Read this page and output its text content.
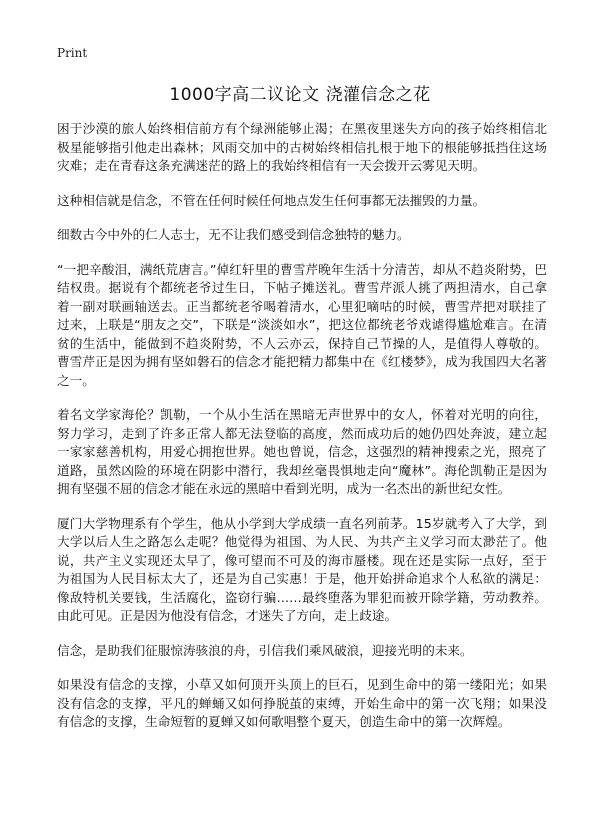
Print
1000字高二议论文 浇灌信念之花

困于沙漠的旅人始终相信前方有个绿洲能够止渴；在黑夜里迷失方向的孩子始终相信北极星能够指引他走出森林；风雨交加中的古树始终相信扎根于地下的根能够抵挡住这场灾难；走在青春这条充满迷茫的路上的我始终相信有一天会拨开云雾见天明。

这种相信就是信念，不管在任何时候任何地点发生任何事都无法摧毁的力量。

细数古今中外的仁人志士，无不让我们感受到信念独特的魅力。

“一把辛酸泪，满纸荒唐言。”倬红轩里的曹雪芹晚年生活十分清苦，却从不趋炎附势，巴结权贵。据说有个都统老爷过生日，下帖子摊送礼。曹雪芹派人挑了两担清水，自己拿着一副对联画轴送去。正当都统老爷喝着清水，心里犯嘀咕的时候，曹雪芹把对联挂了过来，上联是“朋友之交”，下联是“淡淡如水”，把这位都统老爷戏谑得尴尬难言。在清贫的生活中，能做到不趋炎附势，不人云亦云，保持自己节操的人，是值得人尊敬的。曹雪芹正是因为拥有坚如磐石的信念才能把精力都集中在《红楼梦》，成为我国四大名著之一。

着名文学家海伦？凯勒，一个从小生活在黑暗无声世界中的女人，怀着对光明的向往，努力学习，走到了许多正常人都无法登临的高度，然而成功后的她仍四处奔波，建立起一家家慈善机构，用爱心拥抱世界。她也曾说，信念，这强烈的精神搜索之光，照亮了道路，虽然凶险的环境在阴影中潜行，我却丝毫畏惧地走向“魔林”。海伦凯勒正是因为拥有坚强不屈的信念才能在永远的黑暗中看到光明，成为一名杰出的新世纪女性。

厦门大学物理系有个学生，他从小学到大学成绩一直名列前茅。15岁就考入了大学，到大学以后人生之路怎么走呢？他觉得为祖国、为人民、为共产主义学习而太渺茫了。他说，共产主义实现还太早了，像可望而不可及的海市蜃楼。现在还是实际一点好，至于为祖国为人民目标太大了，还是为自己实惠！于是，他开始拼命追求个人私欲的满足：像敌特机关要钱，生活腐化，盗窃行骗……最终堕落为罪犯而被开除学籍，劳动教养。由此可见。正是因为他没有信念，才迷失了方向，走上歧途。

信念，是助我们征服惊涛骇浪的舟，引信我们乘风破浪，迎接光明的未来。

如果没有信念的支撑，小草又如何顶开头顶上的巨石，见到生命中的第一缕阳光；如果没有信念的支撑，平凡的蝉蛹又如何挣脱茧的束缚，开始生命中的第一次飞翔；如果没有信念的支撑，生命短暂的夏蝉又如何歌唱整个夏天，创造生命中的第一次辉煌。
